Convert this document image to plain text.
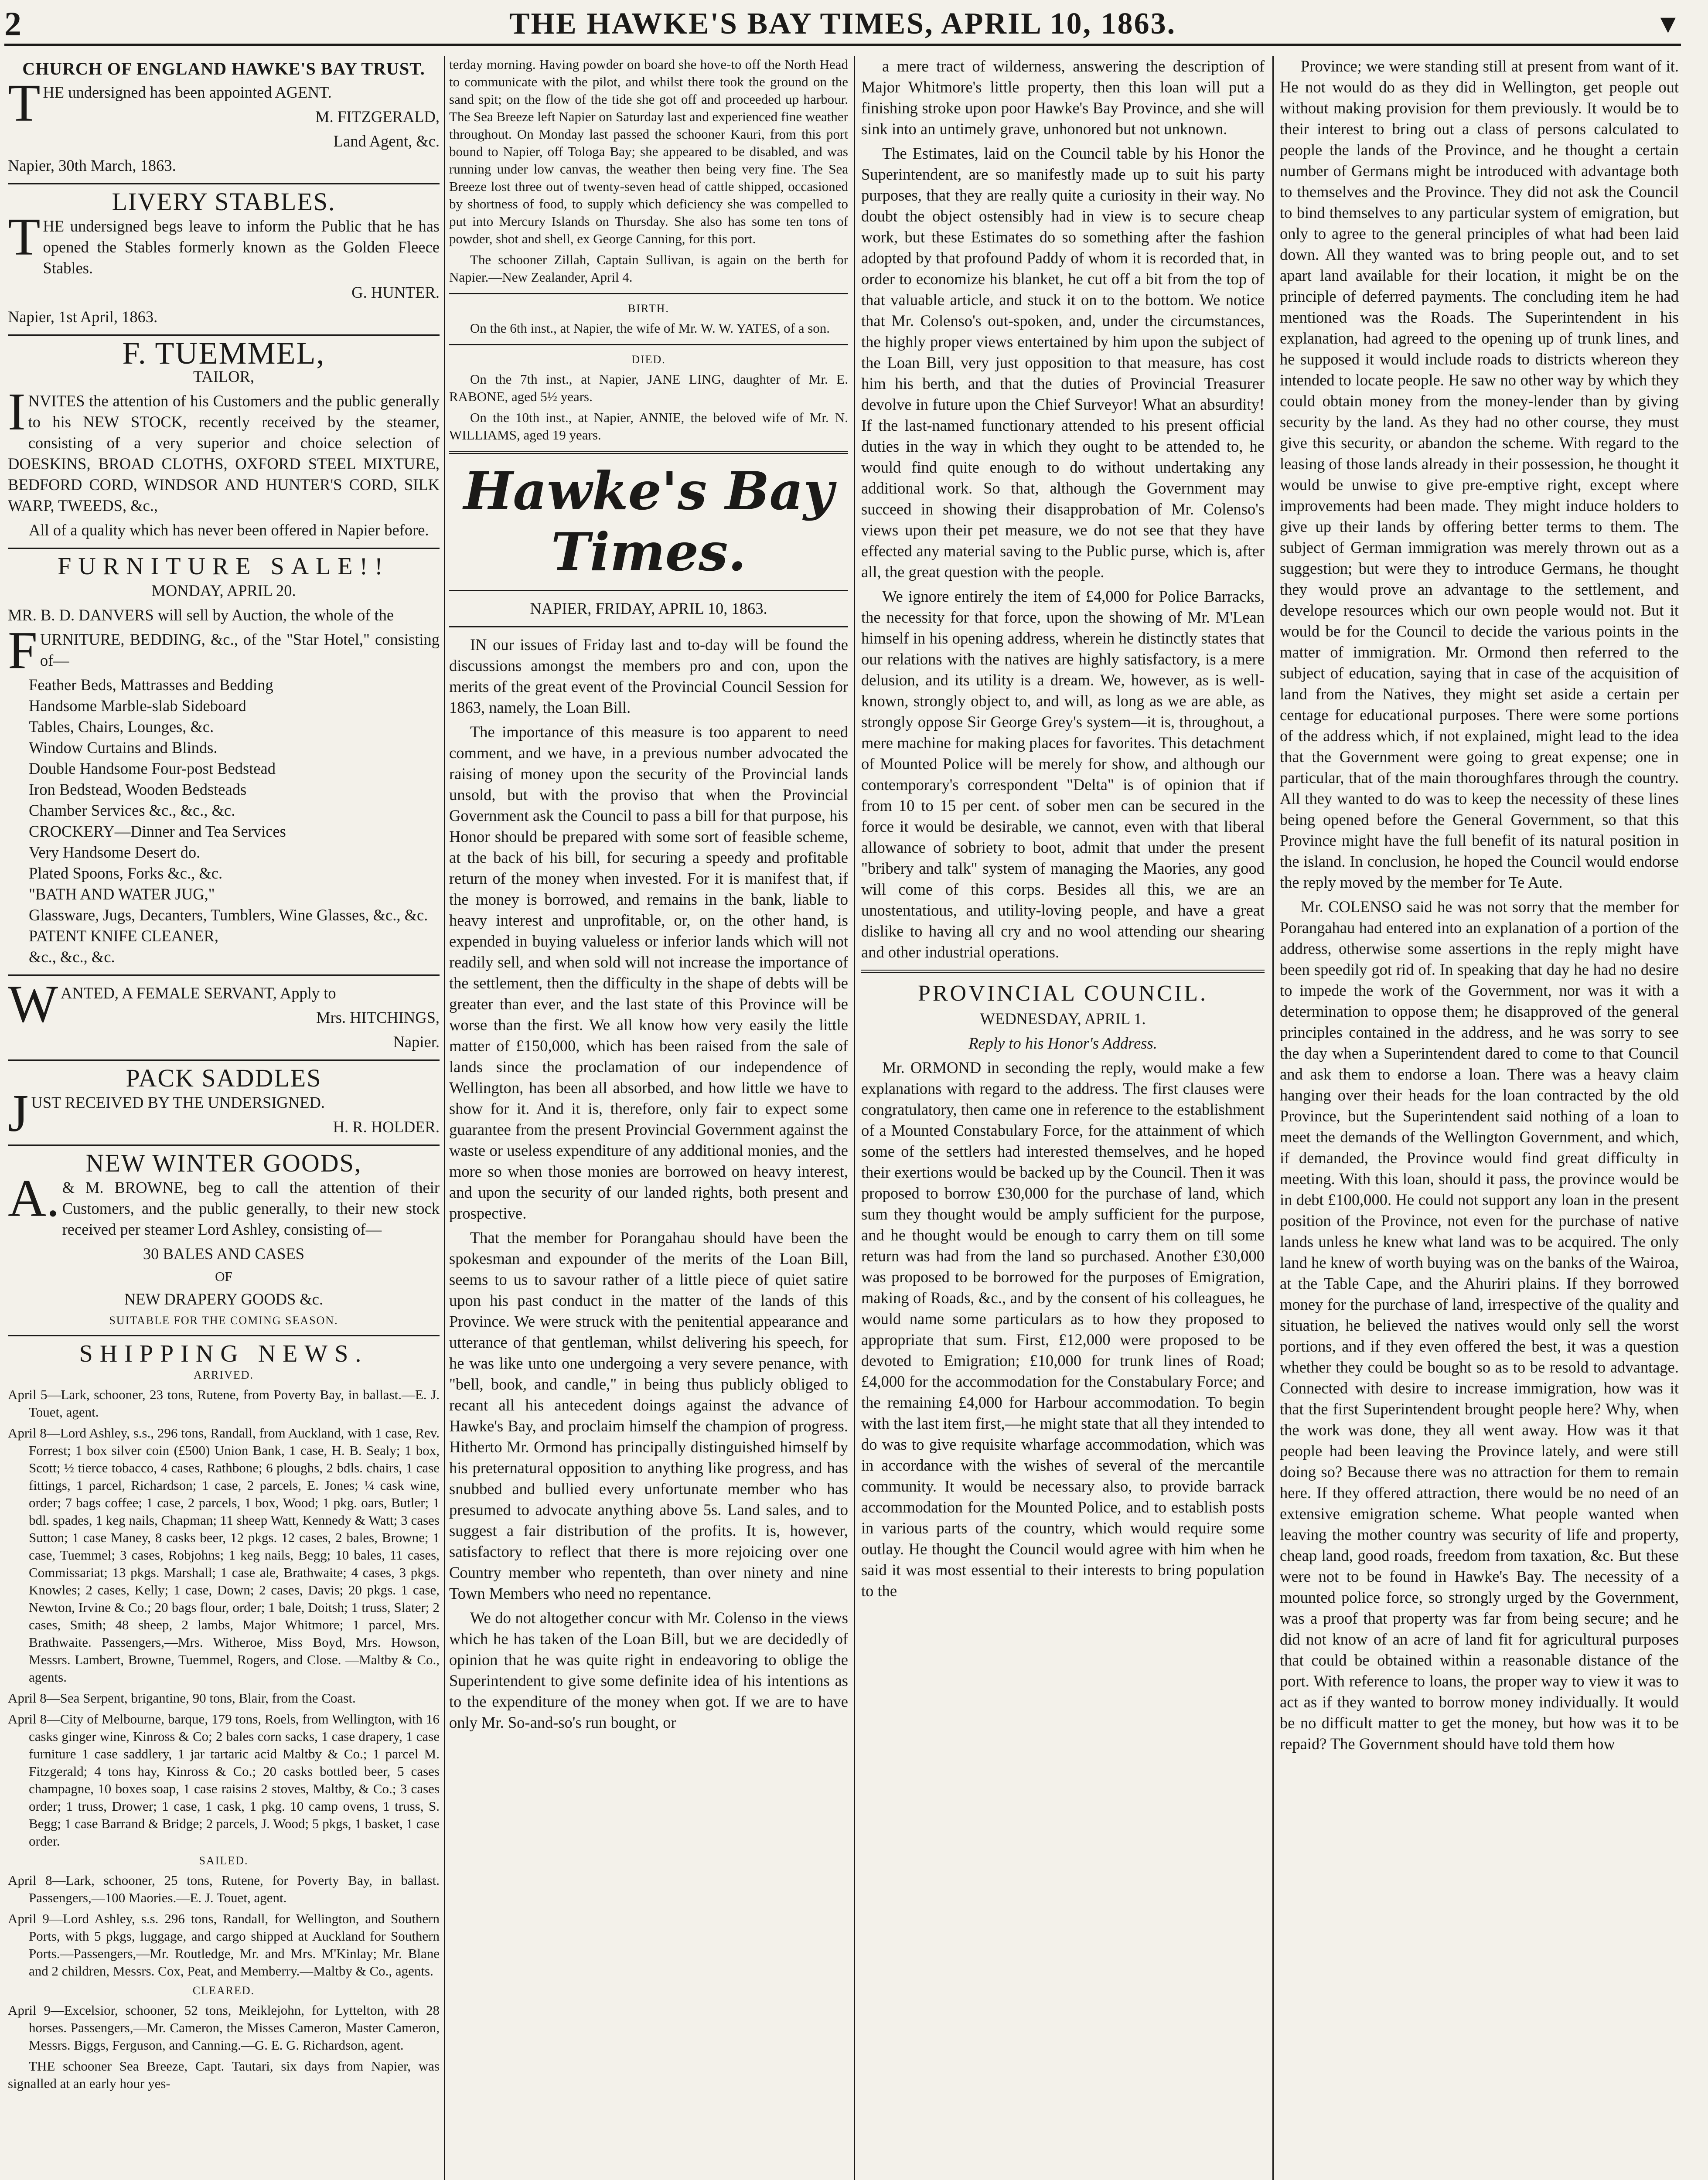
2	THE HAWKE'S BAY TIMES, APRIL 10, 1863.	▼
CHURCH OF ENGLAND HAWKE'S BAY TRUST.

THE undersigned has been appointed AGENT.

M. FITZGERALD,

Land Agent, &c.

Napier, 30th March, 1863.

LIVERY STABLES.

THE undersigned begs leave to inform the Public that he has opened the Stables formerly known as the Golden Fleece Stables.

G. HUNTER.

Napier, 1st April, 1863.

F. TUEMMEL,

TAILOR,

INVITES the attention of his Customers and the public generally to his NEW STOCK, recently received by the steamer, consisting of a very superior and choice selection of DOESKINS, BROAD CLOTHS, OXFORD STEEL MIXTURE, BEDFORD CORD, WINDSOR AND HUNTER'S CORD, SILK WARP, TWEEDS, &c.,

All of a quality which has never been offered in Napier before.

FURNITURE SALE!!

MONDAY, APRIL 20.

MR. B. D. DANVERS will sell by Auction, the whole of the

FURNITURE, BEDDING, &c., of the "Star Hotel," consisting of—

Feather Beds, Mattrasses and Bedding

Handsome Marble-slab Sideboard

Tables, Chairs, Lounges, &c.

Window Curtains and Blinds.

Double Handsome Four-post Bedstead

Iron Bedstead, Wooden Bedsteads

Chamber Services &c., &c., &c.

CROCKERY—Dinner and Tea Services

Very Handsome Desert do.

Plated Spoons, Forks &c., &c.

"BATH AND WATER JUG,"

Glassware, Jugs, Decanters, Tumblers, Wine Glasses, &c., &c.

PATENT KNIFE CLEANER,

&c., &c., &c.

WANTED, A FEMALE SERVANT, Apply to

Mrs. HITCHINGS,

Napier.

PACK SADDLES

JUST RECEIVED BY THE UNDERSIGNED.

H. R. HOLDER.

NEW WINTER GOODS,

A.& M. BROWNE, beg to call the attention of their Customers, and the public generally, to their new stock received per steamer Lord Ashley, consisting of—

30 BALES AND CASES

OF

NEW DRAPERY GOODS &c.

SUITABLE FOR THE COMING SEASON.

SHIPPING NEWS.

ARRIVED.

April 5—Lark, schooner, 23 tons, Rutene, from Poverty Bay, in ballast.—E. J. Touet, agent.

April 8—Lord Ashley, s.s., 296 tons, Randall, from Auckland, with 1 case, Rev. Forrest; 1 box silver coin (£500) Union Bank, 1 case, H. B. Sealy; 1 box, Scott; ½ tierce tobacco, 4 cases, Rathbone; 6 ploughs, 2 bdls. chairs, 1 case fittings, 1 parcel, Richardson; 1 case, 2 parcels, E. Jones; ¼ cask wine, order; 7 bags coffee; 1 case, 2 parcels, 1 box, Wood; 1 pkg. oars, Butler; 1 bdl. spades, 1 keg nails, Chapman; 11 sheep Watt, Kennedy & Watt; 3 cases Sutton; 1 case Maney, 8 casks beer, 12 pkgs. 12 cases, 2 bales, Browne; 1 case, Tuemmel; 3 cases, Robjohns; 1 keg nails, Begg; 10 bales, 11 cases, Commissariat; 13 pkgs. Marshall; 1 case ale, Brathwaite; 4 cases, 3 pkgs. Knowles; 2 cases, Kelly; 1 case, Down; 2 cases, Davis; 20 pkgs. 1 case, Newton, Irvine & Co.; 20 bags flour, order; 1 bale, Doitsh; 1 truss, Slater; 2 cases, Smith; 48 sheep, 2 lambs, Major Whitmore; 1 parcel, Mrs. Brathwaite. Passengers,—Mrs. Witheroe, Miss Boyd, Mrs. Howson, Messrs. Lambert, Browne, Tuemmel, Rogers, and Close. —Maltby & Co., agents.

April 8—Sea Serpent, brigantine, 90 tons, Blair, from the Coast.

April 8—City of Melbourne, barque, 179 tons, Roels, from Wellington, with 16 casks ginger wine, Kinross & Co; 2 bales corn sacks, 1 case drapery, 1 case furniture 1 case saddlery, 1 jar tartaric acid Maltby & Co.; 1 parcel M. Fitzgerald; 4 tons hay, Kinross & Co.; 20 casks bottled beer, 5 cases champagne, 10 boxes soap, 1 case raisins 2 stoves, Maltby, & Co.; 3 cases order; 1 truss, Drower; 1 case, 1 cask, 1 pkg. 10 camp ovens, 1 truss, S. Begg; 1 case Barrand & Bridge; 2 parcels, J. Wood; 5 pkgs, 1 basket, 1 case order.

SAILED.

April 8—Lark, schooner, 25 tons, Rutene, for Poverty Bay, in ballast. Passengers,—100 Maories.—E. J. Touet, agent.

April 9—Lord Ashley, s.s. 296 tons, Randall, for Wellington, and Southern Ports, with 5 pkgs, luggage, and cargo shipped at Auckland for Southern Ports.—Passengers,—Mr. Routledge, Mr. and Mrs. M'Kinlay; Mr. Blane and 2 children, Messrs. Cox, Peat, and Memberry.—Maltby & Co., agents.

CLEARED.

April 9—Excelsior, schooner, 52 tons, Meiklejohn, for Lyttelton, with 28 horses. Passengers,—Mr. Cameron, the Misses Cameron, Master Cameron, Messrs. Biggs, Ferguson, and Canning.—G. E. G. Richardson, agent.

THE schooner Sea Breeze, Capt. Tautari, six days from Napier, was signalled at an early hour yes-

terday morning. Having powder on board she hove-to off the North Head to communicate with the pilot, and whilst there took the ground on the sand spit; on the flow of the tide she got off and proceeded up harbour. The Sea Breeze left Napier on Saturday last and experienced fine weather throughout. On Monday last passed the schooner Kauri, from this port bound to Napier, off Tologa Bay; she appeared to be disabled, and was running under low canvas, the weather then being very fine. The Sea Breeze lost three out of twenty-seven head of cattle shipped, occasioned by shortness of food, to supply which deficiency she was compelled to put into Mercury Islands on Thursday. She also has some ten tons of powder, shot and shell, ex George Canning, for this port.

The schooner Zillah, Captain Sullivan, is again on the berth for Napier.—New Zealander, April 4.

BIRTH.

On the 6th inst., at Napier, the wife of Mr. W. W. YATES, of a son.

DIED.

On the 7th inst., at Napier, JANE LING, daughter of Mr. E. RABONE, aged 5½ years.

On the 10th inst., at Napier, ANNIE, the beloved wife of Mr. N. WILLIAMS, aged 19 years.

Hawke's Bay Times.

NAPIER, FRIDAY, APRIL 10, 1863.

IN our issues of Friday last and to-day will be found the discussions amongst the members pro and con, upon the merits of the great event of the Provincial Council Session for 1863, namely, the Loan Bill.

The importance of this measure is too apparent to need comment, and we have, in a previous number advocated the raising of money upon the security of the Provincial lands unsold, but with the proviso that when the Provincial Government ask the Council to pass a bill for that purpose, his Honor should be prepared with some sort of feasible scheme, at the back of his bill, for securing a speedy and profitable return of the money when invested. For it is manifest that, if the money is borrowed, and remains in the bank, liable to heavy interest and unprofitable, or, on the other hand, is expended in buying valueless or inferior lands which will not readily sell, and when sold will not increase the importance of the settlement, then the difficulty in the shape of debts will be greater than ever, and the last state of this Province will be worse than the first. We all know how very easily the little matter of £150,000, which has been raised from the sale of lands since the proclamation of our independence of Wellington, has been all absorbed, and how little we have to show for it. And it is, therefore, only fair to expect some guarantee from the present Provincial Government against the waste or useless expenditure of any additional monies, and the more so when those monies are borrowed on heavy interest, and upon the security of our landed rights, both present and prospective.

That the member for Porangahau should have been the spokesman and expounder of the merits of the Loan Bill, seems to us to savour rather of a little piece of quiet satire upon his past conduct in the matter of the lands of this Province. We were struck with the penitential appearance and utterance of that gentleman, whilst delivering his speech, for he was like unto one undergoing a very severe penance, with "bell, book, and candle," in being thus publicly obliged to recant all his antecedent doings against the advance of Hawke's Bay, and proclaim himself the champion of progress. Hitherto Mr. Ormond has principally distinguished himself by his preternatural opposition to anything like progress, and has snubbed and bullied every unfortunate member who has presumed to advocate anything above 5s. Land sales, and to suggest a fair distribution of the profits. It is, however, satisfactory to reflect that there is more rejoicing over one Country member who repenteth, than over ninety and nine Town Members who need no repentance.

We do not altogether concur with Mr. Colenso in the views which he has taken of the Loan Bill, but we are decidedly of opinion that he was quite right in endeavoring to oblige the Superintendent to give some definite idea of his intentions as to the expenditure of the money when got. If we are to have only Mr. So-and-so's run bought, or

a mere tract of wilderness, answering the description of Major Whitmore's little property, then this loan will put a finishing stroke upon poor Hawke's Bay Province, and she will sink into an untimely grave, unhonored but not unknown.

The Estimates, laid on the Council table by his Honor the Superintendent, are so manifestly made up to suit his party purposes, that they are really quite a curiosity in their way. No doubt the object ostensibly had in view is to secure cheap work, but these Estimates do so something after the fashion adopted by that profound Paddy of whom it is recorded that, in order to economize his blanket, he cut off a bit from the top of that valuable article, and stuck it on to the bottom. We notice that Mr. Colenso's out-spoken, and, under the circumstances, the highly proper views entertained by him upon the subject of the Loan Bill, very just opposition to that measure, has cost him his berth, and that the duties of Provincial Treasurer devolve in future upon the Chief Surveyor! What an absurdity! If the last-named functionary attended to his present official duties in the way in which they ought to be attended to, he would find quite enough to do without undertaking any additional work. So that, although the Government may succeed in showing their disapprobation of Mr. Colenso's views upon their pet measure, we do not see that they have effected any material saving to the Public purse, which is, after all, the great question with the people.

We ignore entirely the item of £4,000 for Police Barracks, the necessity for that force, upon the showing of Mr. M'Lean himself in his opening address, wherein he distinctly states that our relations with the natives are highly satisfactory, is a mere delusion, and its utility is a dream. We, however, as is well-known, strongly object to, and will, as long as we are able, as strongly oppose Sir George Grey's system—it is, throughout, a mere machine for making places for favorites. This detachment of Mounted Police will be merely for show, and although our contemporary's correspondent "Delta" is of opinion that if from 10 to 15 per cent. of sober men can be secured in the force it would be desirable, we cannot, even with that liberal allowance of sobriety to boot, admit that under the present "bribery and talk" system of managing the Maories, any good will come of this corps. Besides all this, we are an unostentatious, and utility-loving people, and have a great dislike to having all cry and no wool attending our shearing and other industrial operations.

PROVINCIAL COUNCIL.

WEDNESDAY, APRIL 1.

Reply to his Honor's Address.

Mr. ORMOND in seconding the reply, would make a few explanations with regard to the address. The first clauses were congratulatory, then came one in reference to the establishment of a Mounted Constabulary Force, for the attainment of which some of the settlers had interested themselves, and he hoped their exertions would be backed up by the Council. Then it was proposed to borrow £30,000 for the purchase of land, which sum they thought would be amply sufficient for the purpose, and he thought would be enough to carry them on till some return was had from the land so purchased. Another £30,000 was proposed to be borrowed for the purposes of Emigration, making of Roads, &c., and by the consent of his colleagues, he would name some particulars as to how they proposed to appropriate that sum. First, £12,000 were proposed to be devoted to Emigration; £10,000 for trunk lines of Road; £4,000 for the accommodation for the Constabulary Force; and the remaining £4,000 for Harbour accommodation. To begin with the last item first,—he might state that all they intended to do was to give requisite wharfage accommodation, which was in accordance with the wishes of several of the mercantile community. It would be necessary also, to provide barrack accommodation for the Mounted Police, and to establish posts in various parts of the country, which would require some outlay. He thought the Council would agree with him when he said it was most essential to their interests to bring population to the

Province; we were standing still at present from want of it. He not would do as they did in Wellington, get people out without making provision for them previously. It would be to their interest to bring out a class of persons calculated to people the lands of the Province, and he thought a certain number of Germans might be introduced with advantage both to themselves and the Province. They did not ask the Council to bind themselves to any particular system of emigration, but only to agree to the general principles of what had been laid down. All they wanted was to bring people out, and to set apart land available for their location, it might be on the principle of deferred payments. The concluding item he had mentioned was the Roads. The Superintendent in his explanation, had agreed to the opening up of trunk lines, and he supposed it would include roads to districts whereon they intended to locate people. He saw no other way by which they could obtain money from the money-lender than by giving security by the land. As they had no other course, they must give this security, or abandon the scheme. With regard to the leasing of those lands already in their possession, he thought it would be unwise to give pre-emptive right, except where improvements had been made. They might induce holders to give up their lands by offering better terms to them. The subject of German immigration was merely thrown out as a suggestion; but were they to introduce Germans, he thought they would prove an advantage to the settlement, and develope resources which our own people would not. But it would be for the Council to decide the various points in the matter of immigration. Mr. Ormond then referred to the subject of education, saying that in case of the acquisition of land from the Natives, they might set aside a certain per centage for educational purposes. There were some portions of the address which, if not explained, might lead to the idea that the Government were going to great expense; one in particular, that of the main thoroughfares through the country. All they wanted to do was to keep the necessity of these lines being opened before the General Government, so that this Province might have the full benefit of its natural position in the island. In conclusion, he hoped the Council would endorse the reply moved by the member for Te Aute.

Mr. COLENSO said he was not sorry that the member for Porangahau had entered into an explanation of a portion of the address, otherwise some assertions in the reply might have been speedily got rid of. In speaking that day he had no desire to impede the work of the Government, nor was it with a determination to oppose them; he disapproved of the general principles contained in the address, and he was sorry to see the day when a Superintendent dared to come to that Council and ask them to endorse a loan. There was a heavy claim hanging over their heads for the loan contracted by the old Province, but the Superintendent said nothing of a loan to meet the demands of the Wellington Government, and which, if demanded, the Province would find great difficulty in meeting. With this loan, should it pass, the province would be in debt £100,000. He could not support any loan in the present position of the Province, not even for the purchase of native lands unless he knew what land was to be acquired. The only land he knew of worth buying was on the banks of the Wairoa, at the Table Cape, and the Ahuriri plains. If they borrowed money for the purchase of land, irrespective of the quality and situation, he believed the natives would only sell the worst portions, and if they even offered the best, it was a question whether they could be bought so as to be resold to advantage. Connected with desire to increase immigration, how was it that the first Superintendent brought people here? Why, when the work was done, they all went away. How was it that people had been leaving the Province lately, and were still doing so? Because there was no attraction for them to remain here. If they offered attraction, there would be no need of an extensive emigration scheme. What people wanted when leaving the mother country was security of life and property, cheap land, good roads, freedom from taxation, &c. But these were not to be found in Hawke's Bay. The necessity of a mounted police force, so strongly urged by the Government, was a proof that property was far from being secure; and he did not know of an acre of land fit for agricultural purposes that could be obtained within a reasonable distance of the port. With reference to loans, the proper way to view it was to act as if they wanted to borrow money individually. It would be no difficult matter to get the money, but how was it to be repaid? The Government should have told them how
